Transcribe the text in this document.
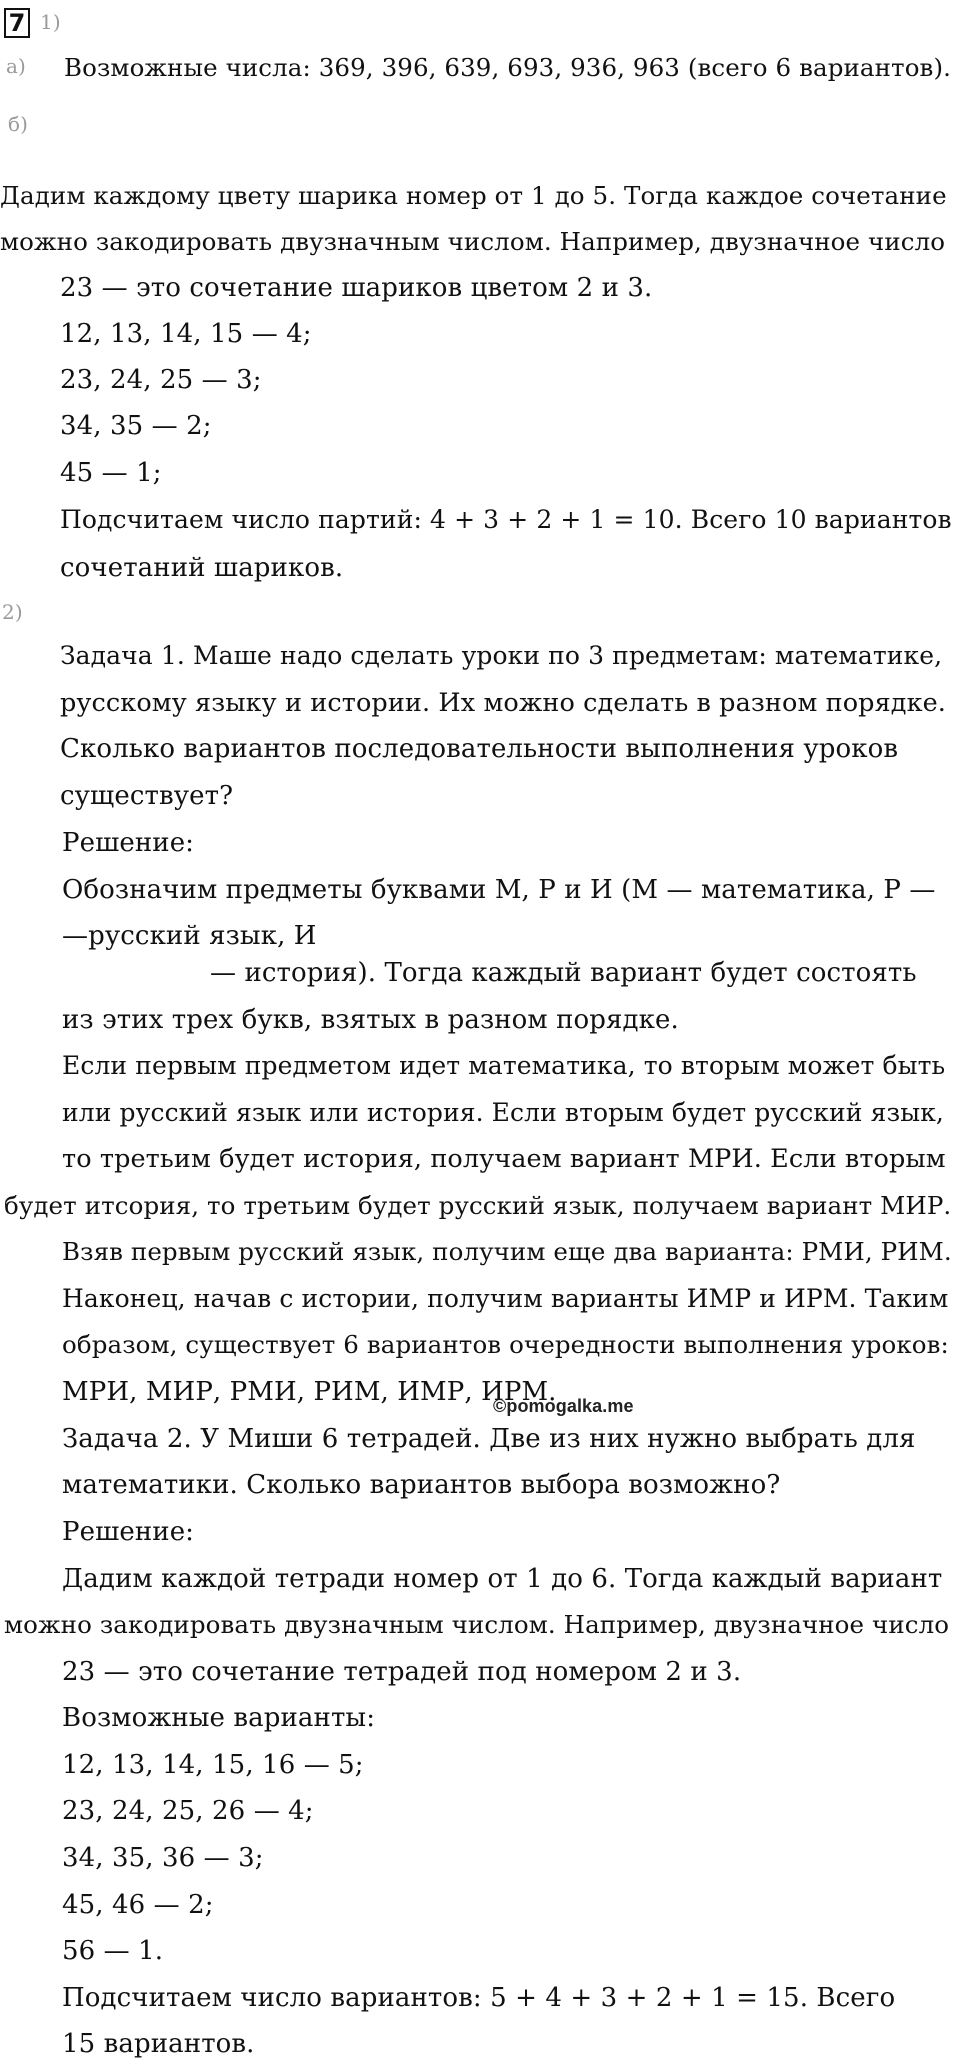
7 1)
а) Возможные числа: 369, 396, 639, 693, 936, 963 (всего 6 вариантов).
б)
Дадим каждому цвету шарика номер от 1 до 5. Тогда каждое сочетание
можно закодировать двузначным числом. Например, двузначное число
23 — это сочетание шариков цветом 2 и 3.
12, 13, 14, 15 — 4;
23, 24, 25 — 3;
34, 35 — 2;
45 — 1;
Подсчитаем число партий: 4 + 3 + 2 + 1 = 10. Всего 10 вариантов
сочетаний шариков.
2)
Задача 1. Маше надо сделать уроки по 3 предметам: математике,
русскому языку и истории. Их можно сделать в разном порядке.
Сколько вариантов последовательности выполнения уроков
существует?
Решение:
Обозначим предметы буквами М, Р и И (М — математика, Р —
—русский язык, И
— история). Тогда каждый вариант будет состоять
из этих трех букв, взятых в разном порядке.
Если первым предметом идет математика, то вторым может быть
или русский язык или история. Если вторым будет русский язык,
то третьим будет история, получаем вариант МРИ. Если вторым
будет итсория, то третьим будет русский язык, получаем вариант МИР.
Взяв первым русский язык, получим еще два варианта: РМИ, РИМ.
Наконец, начав с истории, получим варианты ИМР и ИРМ. Таким
образом, существует 6 вариантов очередности выполнения уроков:
МРИ, МИР, РМИ, РИМ, ИМР, ИРМ.
©pomogalka.me
Задача 2. У Миши 6 тетрадей. Две из них нужно выбрать для
математики. Сколько вариантов выбора возможно?
Решение:
Дадим каждой тетради номер от 1 до 6. Тогда каждый вариант
можно закодировать двузначным числом. Например, двузначное число
23 — это сочетание тетрадей под номером 2 и 3.
Возможные варианты:
12, 13, 14, 15, 16 — 5;
23, 24, 25, 26 — 4;
34, 35, 36 — 3;
45, 46 — 2;
56 — 1.
Подсчитаем число вариантов: 5 + 4 + 3 + 2 + 1 = 15. Всего
15 вариантов.
